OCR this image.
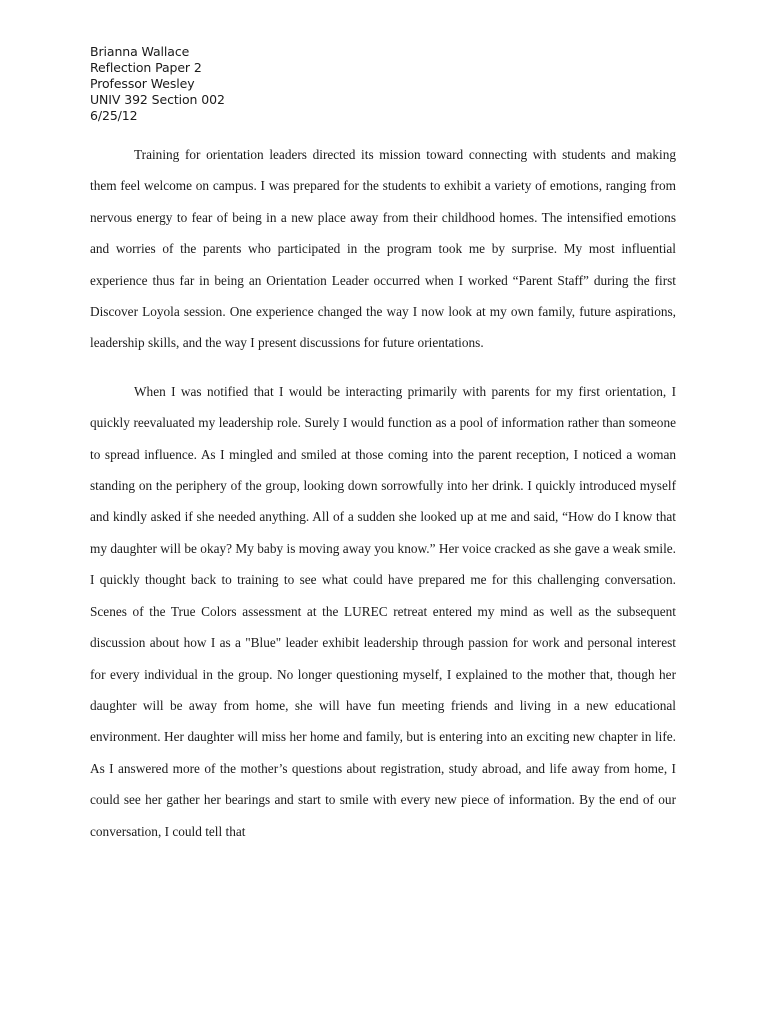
Brianna Wallace
Reflection Paper 2
Professor Wesley
UNIV 392 Section 002
6/25/12

Training for orientation leaders directed its mission toward connecting with students and making them feel welcome on campus. I was prepared for the students to exhibit a variety of emotions, ranging from nervous energy to fear of being in a new place away from their childhood homes. The intensified emotions and worries of the parents who participated in the program took me by surprise. My most influential experience thus far in being an Orientation Leader occurred when I worked “Parent Staff” during the first Discover Loyola session. One experience changed the way I now look at my own family, future aspirations, leadership skills, and the way I present discussions for future orientations.

When I was notified that I would be interacting primarily with parents for my first orientation, I quickly reevaluated my leadership role. Surely I would function as a pool of information rather than someone to spread influence. As I mingled and smiled at those coming into the parent reception, I noticed a woman standing on the periphery of the group, looking down sorrowfully into her drink. I quickly introduced myself and kindly asked if she needed anything. All of a sudden she looked up at me and said, “How do I know that my daughter will be okay? My baby is moving away you know.” Her voice cracked as she gave a weak smile. I quickly thought back to training to see what could have prepared me for this challenging conversation. Scenes of the True Colors assessment at the LUREC retreat entered my mind as well as the subsequent discussion about how I as a "Blue" leader exhibit leadership through passion for work and personal interest for every individual in the group. No longer questioning myself, I explained to the mother that, though her daughter will be away from home, she will have fun meeting friends and living in a new educational environment. Her daughter will miss her home and family, but is entering into an exciting new chapter in life. As I answered more of the mother’s questions about registration, study abroad, and life away from home, I could see her gather her bearings and start to smile with every new piece of information. By the end of our conversation, I could tell that
